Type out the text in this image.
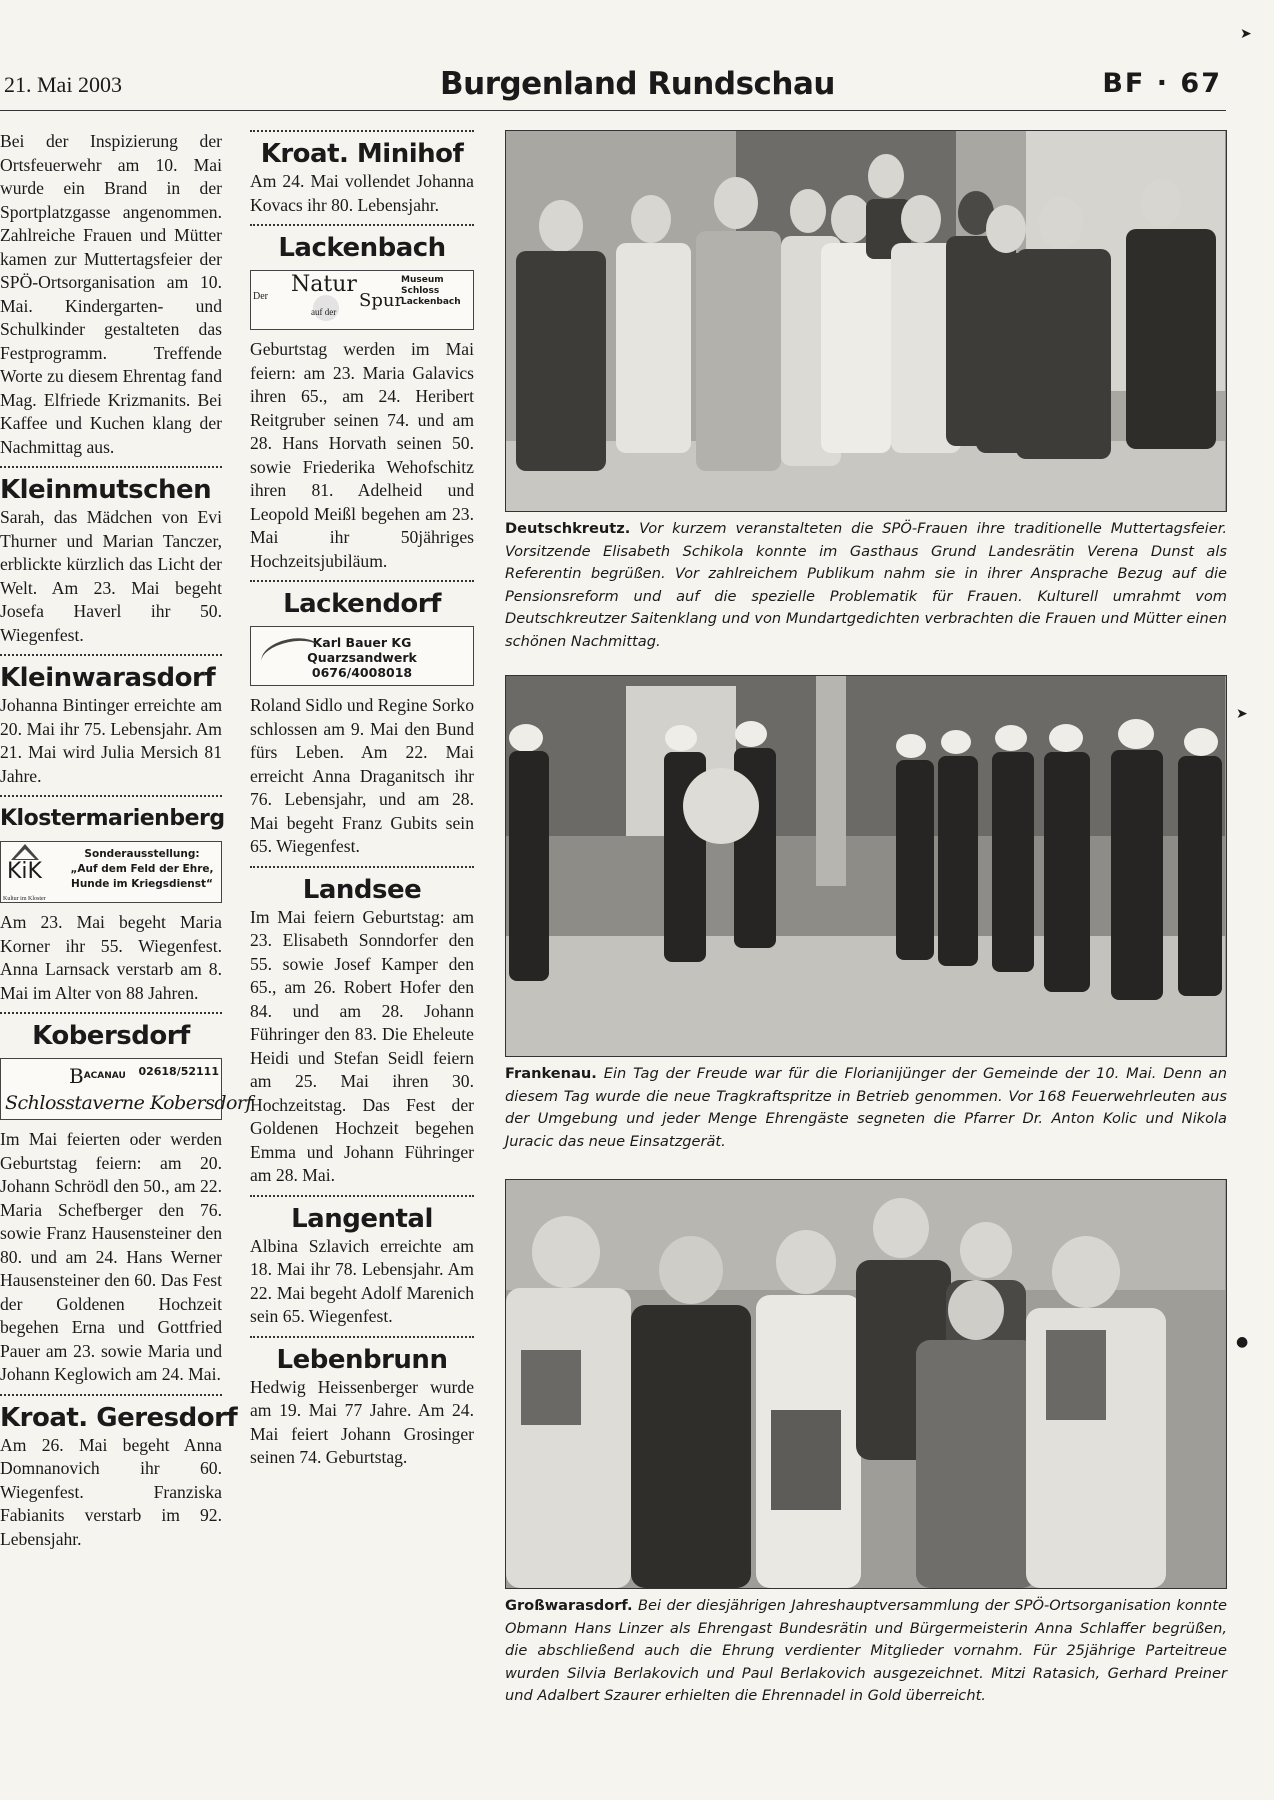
21. Mai 2003	Burgenland Rundschau	BF · 67
Bei der Inspizierung der Ortsfeuerwehr am 10. Mai wurde ein Brand in der Sportplatzgasse angenommen. Zahlreiche Frauen und Mütter kamen zur Muttertagsfeier der SPÖ-Ortsorganisation am 10. Mai. Kindergarten- und Schulkinder gestalteten das Festprogramm. Treffende Worte zu diesem Ehrentag fand Mag. Elfriede Krizmanits. Bei Kaffee und Kuchen klang der Nachmittag aus.
Kleinmutschen
Sarah, das Mädchen von Evi Thurner und Marian Tanczer, erblickte kürzlich das Licht der Welt. Am 23. Mai begeht Josefa Haverl ihr 50. Wiegenfest.
Kleinwarasdorf
Johanna Bintinger erreichte am 20. Mai ihr 75. Lebensjahr. Am 21. Mai wird Julia Mersich 81 Jahre.
Klostermarienberg
KiK
Kultur im Kloster
Sonderausstellung:
„Auf dem Feld der Ehre,
Hunde im Kriegsdienst“
Am 23. Mai begeht Maria Korner ihr 55. Wiegenfest. Anna Larnsack verstarb am 8. Mai im Alter von 88 Jahren.
Kobersdorf
02618/52111
$B^{ACANAU}$
Schlosstaverne Kobersdorf
Im Mai feierten oder werden Geburtstag feiern: am 20. Johann Schrödl den 50., am 22. Maria Schefberger den 76. sowie Franz Hausensteiner den 80. und am 24. Hans Werner Hausensteiner den 60. Das Fest der Goldenen Hochzeit begehen Erna und Gottfried Pauer am 23. sowie Maria und Johann Keglowich am 24. Mai.
Kroat. Geresdorf
Am 26. Mai begeht Anna Domnanovich ihr 60. Wiegenfest. Franziska Fabianits verstarb im 92. Lebensjahr.
Kroat. Minihof
Am 24. Mai vollendet Johanna Kovacs ihr 80. Lebensjahr.
Lackenbach
Der Natur
auf der
Spur
Museum Schloss Lackenbach
Geburtstag werden im Mai feiern: am 23. Maria Galavics ihren 65., am 24. Heribert Reitgruber seinen 74. und am 28. Hans Horvath seinen 50. sowie Friederika Wehofschitz ihren 81. Adelheid und Leopold Meißl begehen am 23. Mai ihr 50jähriges Hochzeitsjubiläum.
Lackendorf
Karl Bauer KG
Quarzsandwerk
0676/4008018
Roland Sidlo und Regine Sorko schlossen am 9. Mai den Bund fürs Leben. Am 22. Mai erreicht Anna Draganitsch ihr 76. Lebensjahr, und am 28. Mai begeht Franz Gubits sein 65. Wiegenfest.
Landsee
Im Mai feiern Geburtstag: am 23. Elisabeth Sonndorfer den 55. sowie Josef Kamper den 65., am 26. Robert Hofer den 84. und am 28. Johann Führinger den 83. Die Eheleute Heidi und Stefan Seidl feiern am 25. Mai ihren 30. Hochzeitstag. Das Fest der Goldenen Hochzeit begehen Emma und Johann Führinger am 28. Mai.
Langental
Albina Szlavich erreichte am 18. Mai ihr 78. Lebensjahr. Am 22. Mai begeht Adolf Marenich sein 65. Wiegenfest.
Lebenbrunn
Hedwig Heissenberger wurde am 19. Mai 77 Jahre. Am 24. Mai feiert Johann Grosinger seinen 74. Geburtstag.
Deutschkreutz. Vor kurzem veranstalteten die SPÖ-Frauen ihre traditionelle Muttertagsfeier. Vorsitzende Elisabeth Schikola konnte im Gasthaus Grund Landesrätin Verena Dunst als Referentin begrüßen. Vor zahlreichem Publikum nahm sie in ihrer Ansprache Bezug auf die Pensionsreform und auf die spezielle Problematik für Frauen. Kulturell umrahmt vom Deutschkreutzer Saitenklang und von Mundartgedichten verbrachten die Frauen und Mütter einen schönen Nachmittag.
Frankenau. Ein Tag der Freude war für die Florianijünger der Gemeinde der 10. Mai. Denn an diesem Tag wurde die neue Tragkraftspritze in Betrieb genommen. Vor 168 Feuerwehrleuten aus der Umgebung und jeder Menge Ehrengäste segneten die Pfarrer Dr. Anton Kolic und Nikola Juracic das neue Einsatzgerät.
Großwarasdorf. Bei der diesjährigen Jahreshauptversammlung der SPÖ-Ortsorganisation konnte Obmann Hans Linzer als Ehrengast Bundesrätin und Bürgermeisterin Anna Schlaffer begrüßen, die abschließend auch die Ehrung verdienter Mitglieder vornahm. Für 25jährige Parteitreue wurden Silvia Berlakovich und Paul Berlakovich ausgezeichnet. Mitzi Ratasich, Gerhard Preiner und Adalbert Szaurer erhielten die Ehrennadel in Gold überreicht.
➤
➤
●
